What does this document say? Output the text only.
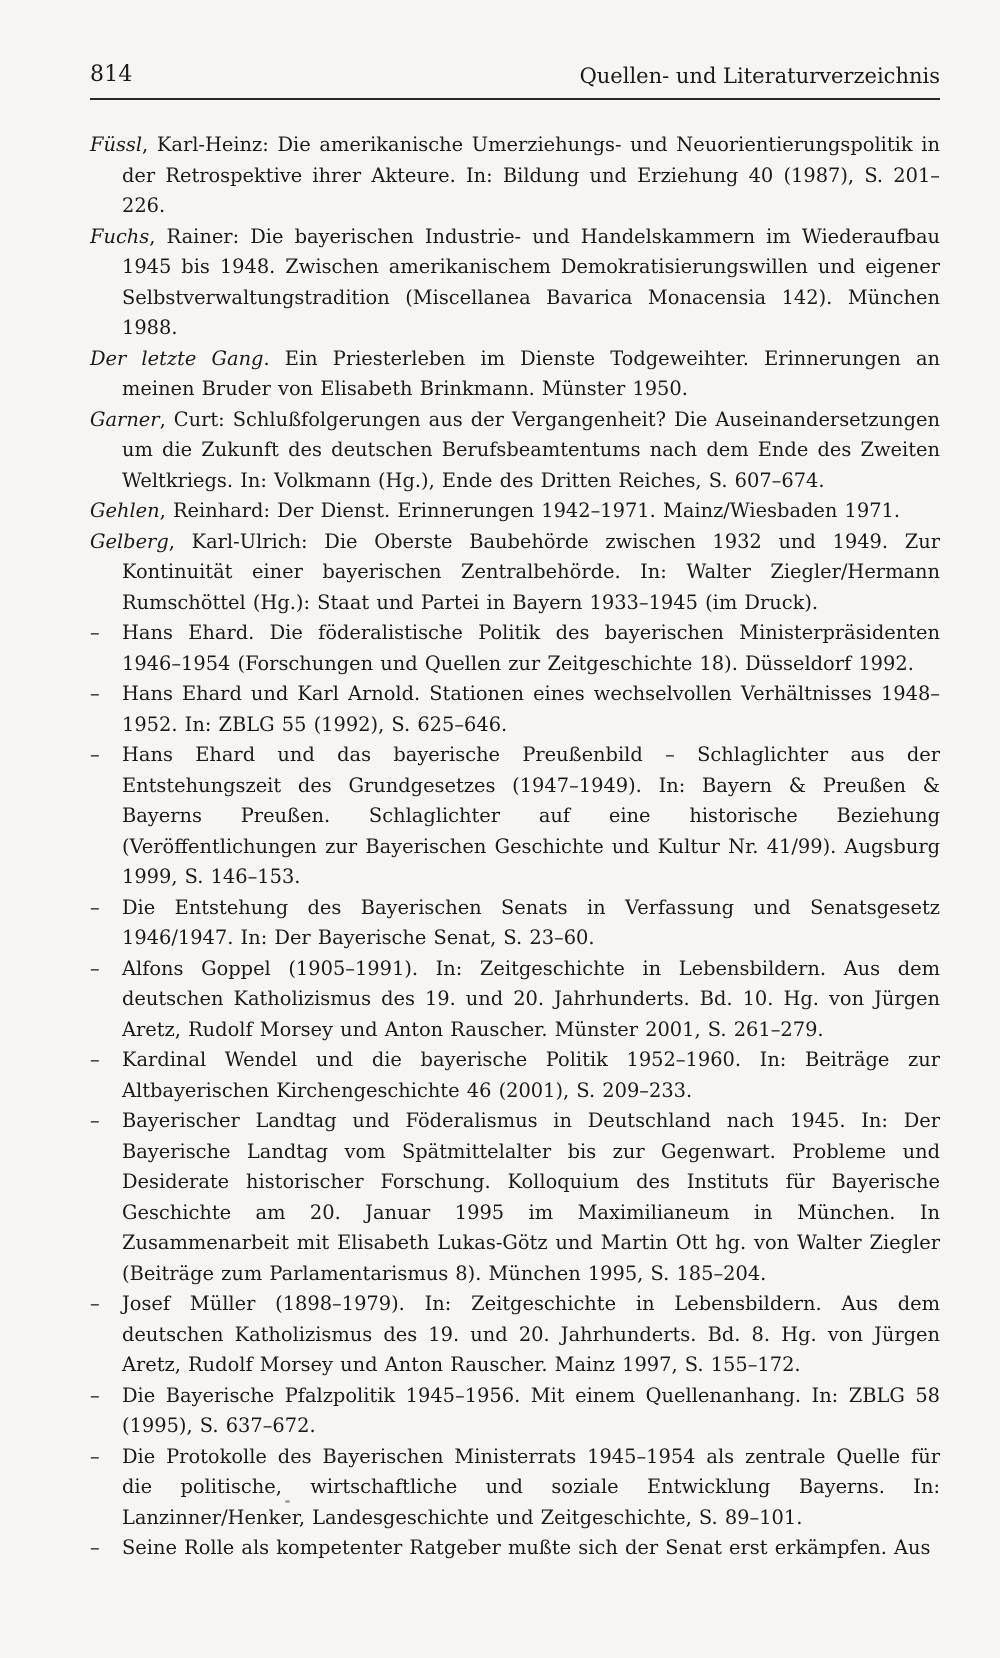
814	Quellen- und Literaturverzeichnis
Füssl, Karl-Heinz: Die amerikanische Umerziehungs- und Neuorientierungspolitik in der Retrospektive ihrer Akteure. In: Bildung und Erziehung 40 (1987), S. 201–226.
Fuchs, Rainer: Die bayerischen Industrie- und Handelskammern im Wiederaufbau 1945 bis 1948. Zwischen amerikanischem Demokratisierungswillen und eigener Selbstverwaltungstradition (Miscellanea Bavarica Monacensia 142). München 1988.
Der letzte Gang. Ein Priesterleben im Dienste Todgeweihter. Erinnerungen an meinen Bruder von Elisabeth Brinkmann. Münster 1950.
Garner, Curt: Schlußfolgerungen aus der Vergangenheit? Die Auseinandersetzungen um die Zukunft des deutschen Berufsbeamtentums nach dem Ende des Zweiten Weltkriegs. In: Volkmann (Hg.), Ende des Dritten Reiches, S. 607–674.
Gehlen, Reinhard: Der Dienst. Erinnerungen 1942–1971. Mainz/Wiesbaden 1971.
Gelberg, Karl-Ulrich: Die Oberste Baubehörde zwischen 1932 und 1949. Zur Kontinuität einer bayerischen Zentralbehörde. In: Walter Ziegler/Hermann Rumschöttel (Hg.): Staat und Partei in Bayern 1933–1945 (im Druck).
– Hans Ehard. Die föderalistische Politik des bayerischen Ministerpräsidenten 1946–1954 (Forschungen und Quellen zur Zeitgeschichte 18). Düsseldorf 1992.
– Hans Ehard und Karl Arnold. Stationen eines wechselvollen Verhältnisses 1948–1952. In: ZBLG 55 (1992), S. 625–646.
– Hans Ehard und das bayerische Preußenbild – Schlaglichter aus der Entstehungszeit des Grundgesetzes (1947–1949). In: Bayern & Preußen & Bayerns Preußen. Schlaglichter auf eine historische Beziehung (Veröffentlichungen zur Bayerischen Geschichte und Kultur Nr. 41/99). Augsburg 1999, S. 146–153.
– Die Entstehung des Bayerischen Senats in Verfassung und Senatsgesetz 1946/1947. In: Der Bayerische Senat, S. 23–60.
– Alfons Goppel (1905–1991). In: Zeitgeschichte in Lebensbildern. Aus dem deutschen Katholizismus des 19. und 20. Jahrhunderts. Bd. 10. Hg. von Jürgen Aretz, Rudolf Morsey und Anton Rauscher. Münster 2001, S. 261–279.
– Kardinal Wendel und die bayerische Politik 1952–1960. In: Beiträge zur Altbayerischen Kirchengeschichte 46 (2001), S. 209–233.
– Bayerischer Landtag und Föderalismus in Deutschland nach 1945. In: Der Bayerische Landtag vom Spätmittelalter bis zur Gegenwart. Probleme und Desiderate historischer Forschung. Kolloquium des Instituts für Bayerische Geschichte am 20. Januar 1995 im Maximilianeum in München. In Zusammenarbeit mit Elisabeth Lukas-Götz und Martin Ott hg. von Walter Ziegler (Beiträge zum Parlamentarismus 8). München 1995, S. 185–204.
– Josef Müller (1898–1979). In: Zeitgeschichte in Lebensbildern. Aus dem deutschen Katholizismus des 19. und 20. Jahrhunderts. Bd. 8. Hg. von Jürgen Aretz, Rudolf Morsey und Anton Rauscher. Mainz 1997, S. 155–172.
– Die Bayerische Pfalzpolitik 1945–1956. Mit einem Quellenanhang. In: ZBLG 58 (1995), S. 637–672.
– Die Protokolle des Bayerischen Ministerrats 1945–1954 als zentrale Quelle für die politische, wirtschaftliche und soziale Entwicklung Bayerns. In: Lanzinner/Henker, Landesgeschichte und Zeitgeschichte, S. 89–101.
– Seine Rolle als kompetenter Ratgeber mußte sich der Senat erst erkämpfen. Aus
